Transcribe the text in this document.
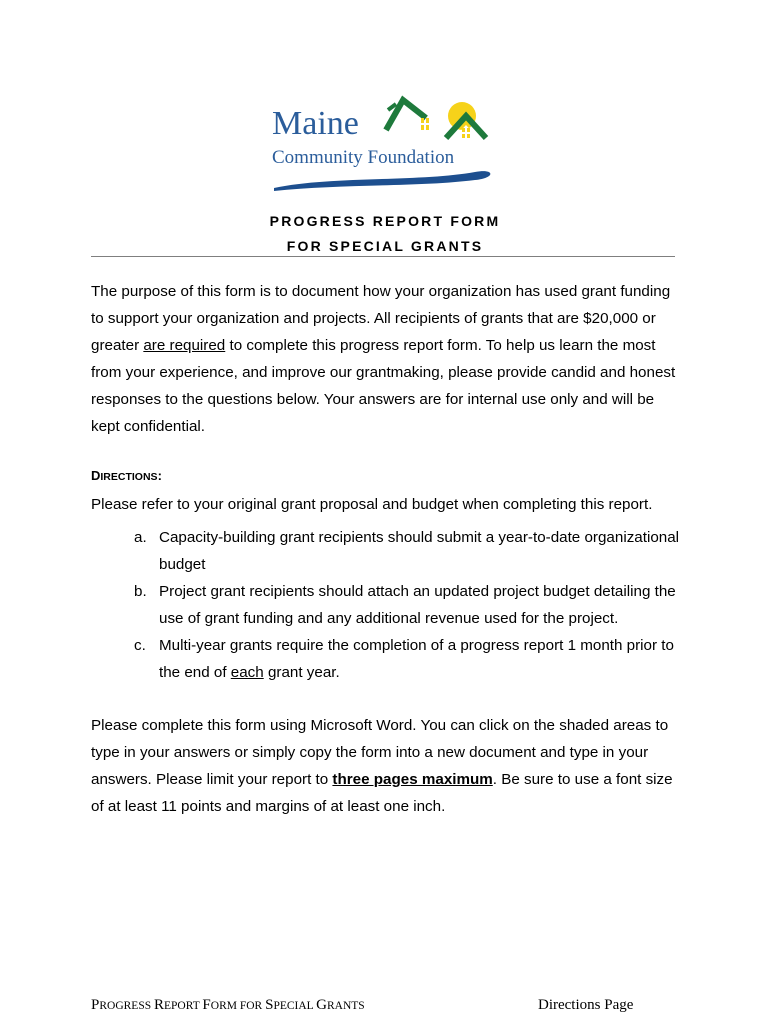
Maine
Community Foundation
PROGRESS REPORT FORM
FOR SPECIAL GRANTS

The purpose of this form is to document how your organization has used grant funding to support your organization and projects. All recipients of grants that are $20,000 or greater are required to complete this progress report form. To help us learn the most from your experience, and improve our grantmaking, please provide candid and honest responses to the questions below. Your answers are for internal use only and will be kept confidential.

DIRECTIONS:

Please refer to your original grant proposal and budget when completing this report.

a. Capacity-building grant recipients should submit a year-to-date organizational budget
b. Project grant recipients should attach an updated project budget detailing the use of grant funding and any additional revenue used for the project.
c. Multi-year grants require the completion of a progress report 1 month prior to the end of each grant year.

Please complete this form using Microsoft Word. You can click on the shaded areas to type in your answers or simply copy the form into a new document and type in your answers. Please limit your report to three pages maximum. Be sure to use a font size of at least 11 points and margins of at least one inch.

PROGRESS REPORT FORM FOR SPECIAL GRANTS	Directions Page
